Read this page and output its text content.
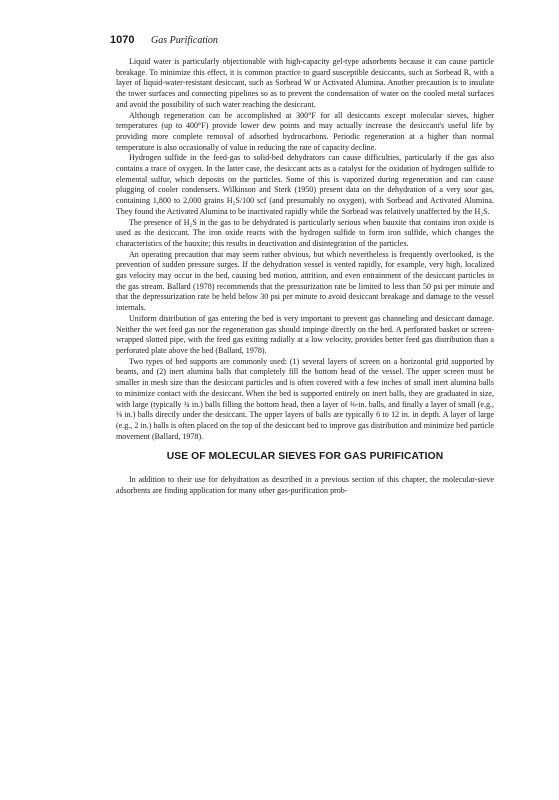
1070 Gas Purification

Liquid water is particularly objectionable with high-capacity gel-type adsorbents because it can cause particle breakage. To minimize this effect, it is common practice to guard susceptible desiccants, such as Sorbead R, with a layer of liquid-water-resistant desiccant, such as Sorbead W or Activated Alumina. Another precaution is to insulate the tower surfaces and connecting pipelines so as to prevent the condensation of water on the cooled metal surfaces and avoid the possibility of such water reaching the desiccant.

Although regeneration can be accomplished at 300°F for all desiccants except molecular sieves, higher temperatures (up to 400°F) provide lower dew points and may actually increase the desiccant's useful life by providing more complete removal of adsorbed hydrocarbons. Periodic regeneration at a higher than normal temperature is also occasionally of value in reducing the rate of capacity decline.

Hydrogen sulfide in the feed-gas to solid-bed dehydrators can cause difficulties, particularly if the gas also contains a trace of oxygen. In the latter case, the desiccant acts as a catalyst for the oxidation of hydrogen sulfide to elemental sulfur, which deposits on the particles. Some of this is vaporized during regeneration and can cause plugging of cooler condensers. Wilkinson and Sterk (1950) present data on the dehydration of a very sour gas, containing 1,800 to 2,000 grains H₂S/100 scf (and presumably no oxygen), with Sorbead and Activated Alumina. They found the Activated Alumina to be inactivated rapidly while the Sorbead was relatively unaffected by the H₂S.

The presence of H₂S in the gas to be dehydrated is particularly serious when bauxite that contains iron oxide is used as the desiccant. The iron oxide reacts with the hydrogen sulfide to form iron sulfide, which changes the characteristics of the bauxite; this results in deactivation and disintegration of the particles.

An operating precaution that may seem rather obvious, but which nevertheless is frequently overlooked, is the prevention of sudden pressure surges. If the dehydration vessel is vented rapidly, for example, very high, localized gas velocity may occur in the bed, causing bed motion, attrition, and even entrainment of the desiccant particles in the gas stream. Ballard (1978) recommends that the pressurization rate be limited to less than 50 psi per minute and that the depressurization rate be held below 30 psi per minute to avoid desiccant breakage and damage to the vessel internals.

Uniform distribution of gas entering the bed is very important to prevent gas channeling and desiccant damage. Neither the wet feed gas nor the regeneration gas should impinge directly on the bed. A perforated basket or screen-wrapped slotted pipe, with the feed gas exiting radially at a low velocity, provides better feed gas distribution than a perforated plate above the bed (Ballard, 1978).

Two types of bed supports are commonly used: (1) several layers of screen on a horizontal grid supported by beams, and (2) inert alumina balls that completely fill the bottom head of the vessel. The upper screen must be smaller in mesh size than the desiccant particles and is often covered with a few inches of small inert alumina balls to minimize contact with the desiccant. When the bed is supported entirely on inert balls, they are graduated in size, with large (typically ¾ in.) balls filling the bottom head, then a layer of ⅜-in. balls, and finally a layer of small (e.g., ⅛ in.) balls directly under the desiccant. The upper layers of balls are typically 6 to 12 in. in depth. A layer of large (e.g., 2 in.) balls is often placed on the top of the desiccant bed to improve gas distribution and minimize bed particle movement (Ballard, 1978).

USE OF MOLECULAR SIEVES FOR GAS PURIFICATION

In addition to their use for dehydration as described in a previous section of this chapter, the molecular-sieve adsorbents are finding application for many other gas-purification prob-
